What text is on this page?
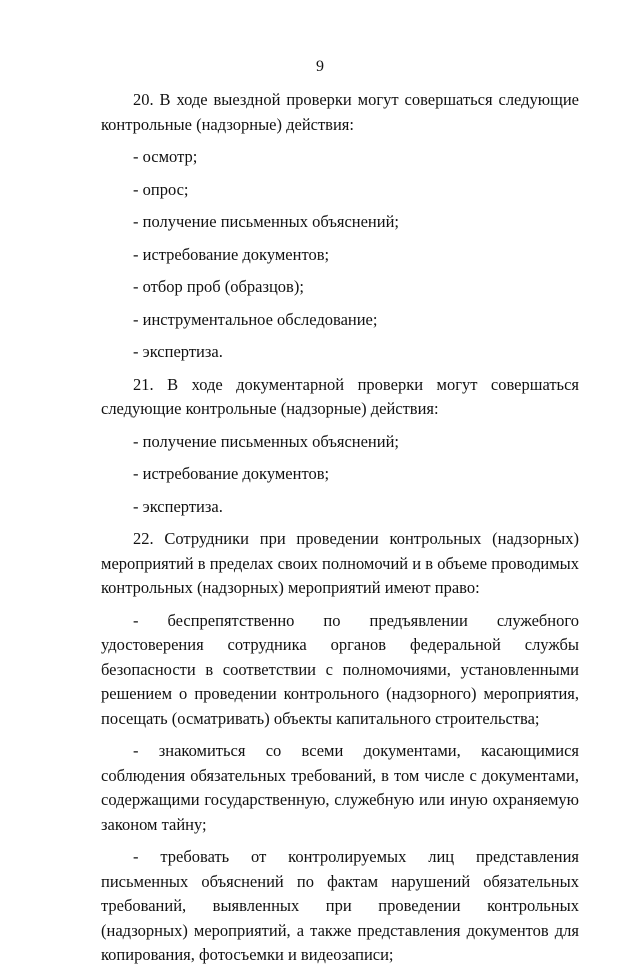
9

20. В ходе выездной проверки могут совершаться следующие контрольные (надзорные) действия:

- осмотр;

- опрос;

- получение письменных объяснений;

- истребование документов;

- отбор проб (образцов);

- инструментальное обследование;

- экспертиза.

21. В ходе документарной проверки могут совершаться следующие контрольные (надзорные) действия:

- получение письменных объяснений;

- истребование документов;

- экспертиза.

22. Сотрудники при проведении контрольных (надзорных) мероприятий в пределах своих полномочий и в объеме проводимых контрольных (надзорных) мероприятий имеют право:

- беспрепятственно по предъявлении служебного удостоверения сотрудника органов федеральной службы безопасности в соответствии с полномочиями, установленными решением о проведении контрольного (надзорного) мероприятия, посещать (осматривать) объекты капитального строительства;

- знакомиться со всеми документами, касающимися соблюдения обязательных требований, в том числе с документами, содержащими государственную, служебную или иную охраняемую законом тайну;

- требовать от контролируемых лиц представления письменных объяснений по фактам нарушений обязательных требований, выявленных при проведении контрольных (надзорных) мероприятий, а также представления документов для копирования, фотосъемки и видеозаписи;
